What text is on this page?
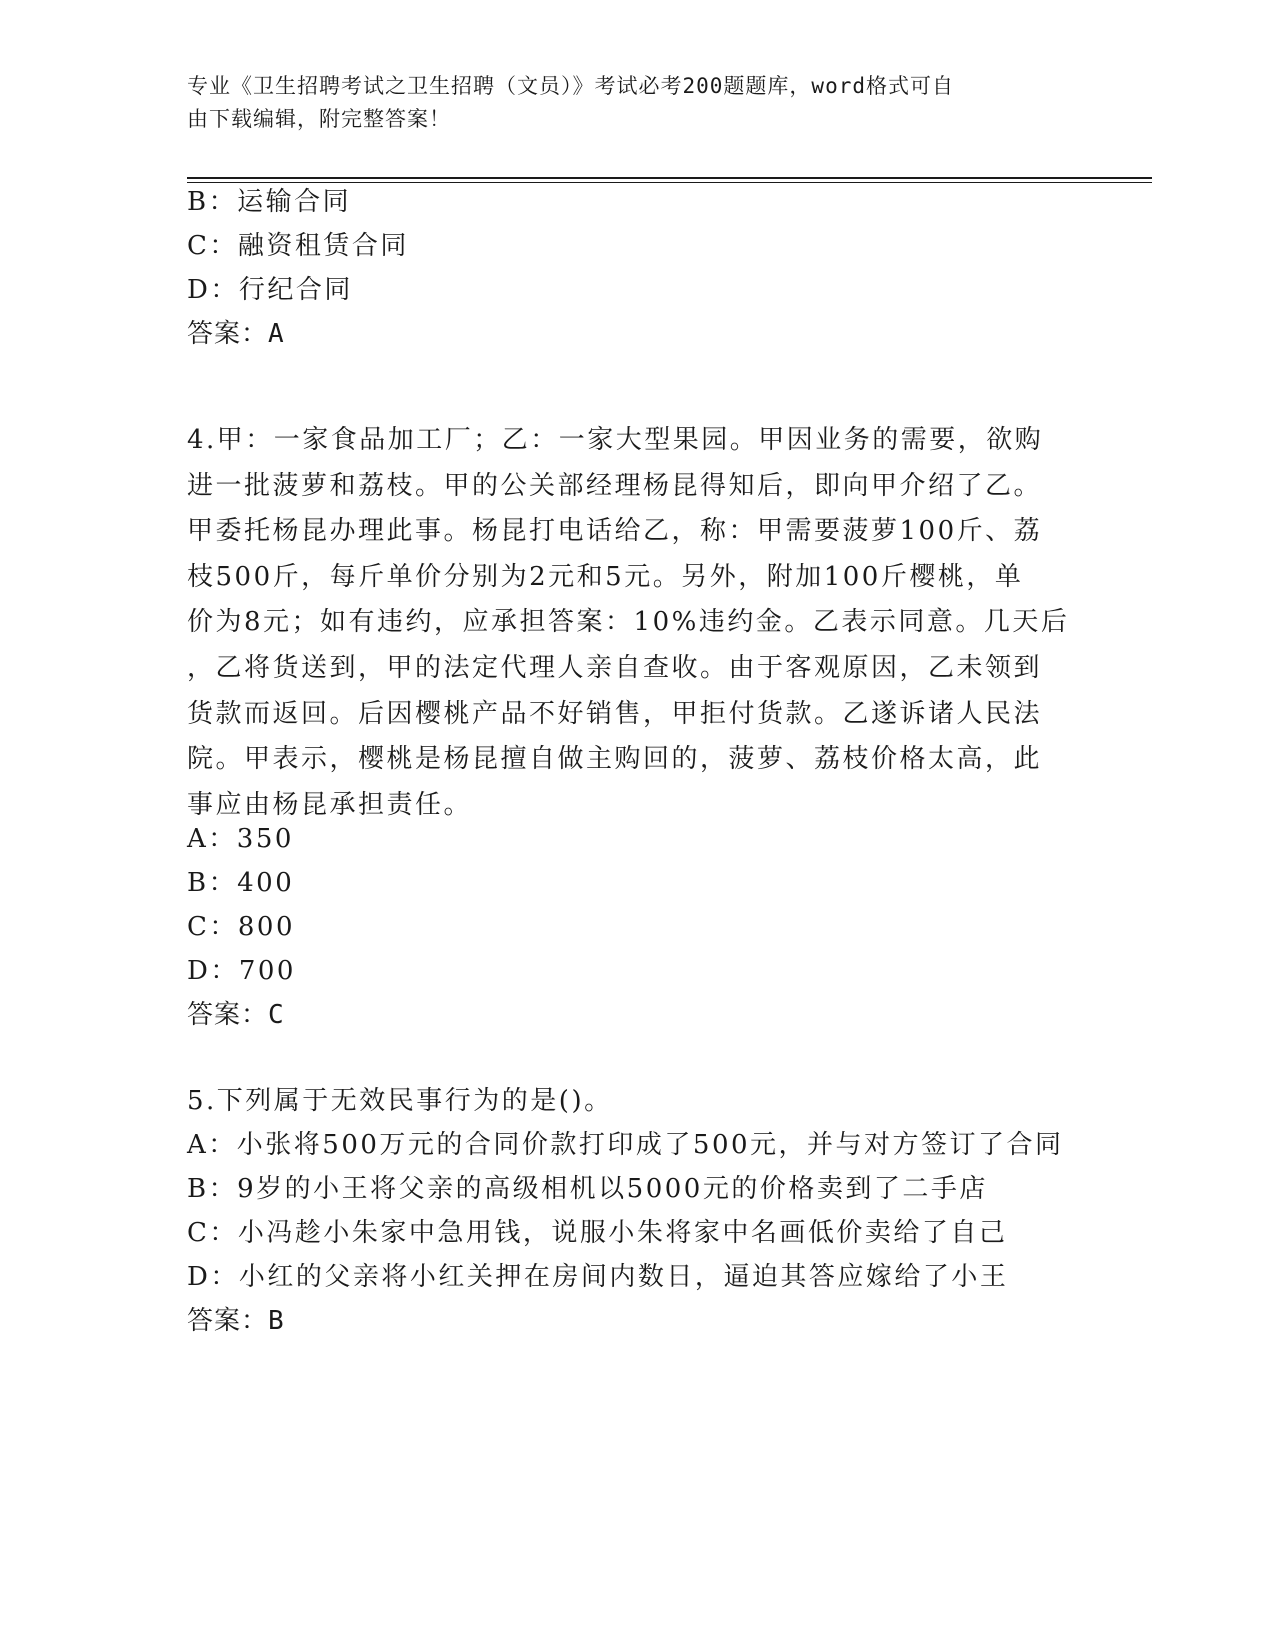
专业《卫生招聘考试之卫生招聘（文员）》考试必考200题题库，word格式可自
由下载编辑，附完整答案！
B：运输合同
C：融资租赁合同
D：行纪合同
答案：A
4.甲：一家食品加工厂；乙：一家大型果园。甲因业务的需要，欲购
进一批菠萝和荔枝。甲的公关部经理杨昆得知后，即向甲介绍了乙。
甲委托杨昆办理此事。杨昆打电话给乙，称：甲需要菠萝100斤、荔
枝500斤，每斤单价分别为2元和5元。另外，附加100斤樱桃，单
价为8元；如有违约，应承担答案：10%违约金。乙表示同意。几天后
，乙将货送到，甲的法定代理人亲自查收。由于客观原因，乙未领到
货款而返回。后因樱桃产品不好销售，甲拒付货款。乙遂诉诸人民法
院。甲表示，樱桃是杨昆擅自做主购回的，菠萝、荔枝价格太高，此
事应由杨昆承担责任。
A：350
B：400
C：800
D：700
答案：C
5.下列属于无效民事行为的是()。
A：小张将500万元的合同价款打印成了500元，并与对方签订了合同
B：9岁的小王将父亲的高级相机以5000元的价格卖到了二手店
C：小冯趁小朱家中急用钱，说服小朱将家中名画低价卖给了自己
D：小红的父亲将小红关押在房间内数日，逼迫其答应嫁给了小王
答案：B
